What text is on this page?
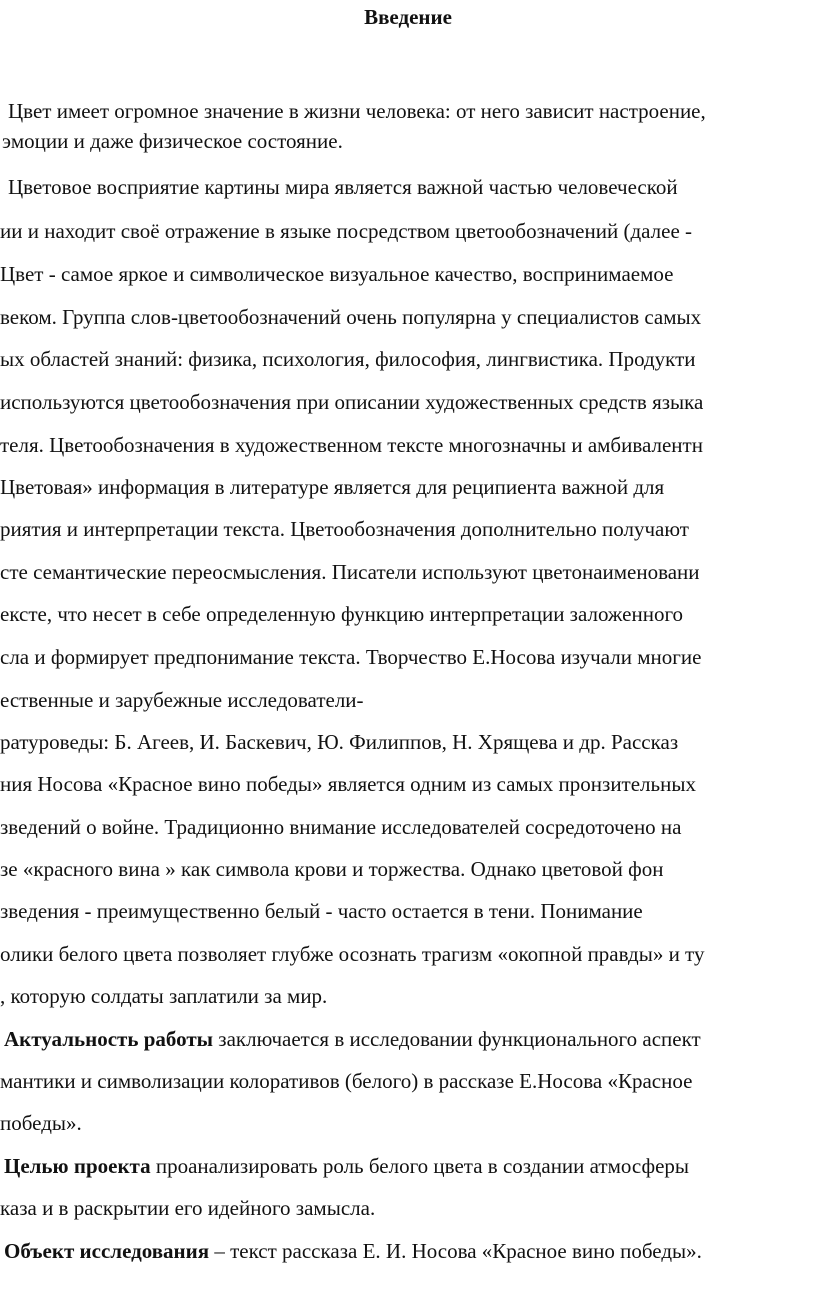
Введение
Цвет имеет огромное значение в жизни человека: от него зависит настроение,
эмоции и даже физическое состояние.
Цветовое восприятие картины мира является важной частью человеческой
ии и находит своё отражение в языке посредством цветообозначений (далее -
Цвет - самое яркое и символическое визуальное качество, воспринимаемое
веком. Группа слов-цветообозначений очень популярна у специалистов самых
ых областей знаний: физика, психология, философия, лингвистика. Продукти
используются цветообозначения при описании художественных средств языка
теля. Цветообозначения в художественном тексте многозначны и амбивалентн
Цветовая» информация в литературе является для реципиента важной для
риятия и интерпретации текста. Цветообозначения дополнительно получают
сте семантические переосмысления. Писатели используют цветонаименовани
ексте, что несет в себе определенную функцию интерпретации заложенного
сла и формирует предпонимание текста. Творчество Е.Носова изучали многие
ественные и зарубежные исследователи-
ратуроведы: Б. Агеев, И. Баскевич, Ю. Филиппов, Н. Хрящева и др. Рассказ
ния Носова «Красное вино победы» является одним из самых пронзительных
зведений о войне. Традиционно внимание исследователей сосредоточено на
зе «красного вина » как символа крови и торжества. Однако цветовой фон
зведения - преимущественно белый - часто остается в тени. Понимание
олики белого цвета позволяет глубже осознать трагизм «окопной правды» и ту
, которую солдаты заплатили за мир.
Актуальность работы заключается в исследовании функционального аспект
мантики и символизации колоративов (белого) в рассказе Е.Носова «Красное
победы».
Целью проекта проанализировать роль белого цвета в создании атмосферы
каза и в раскрытии его идейного замысла.
Объект исследования – текст рассказа Е. И. Носова «Красное вино победы».
